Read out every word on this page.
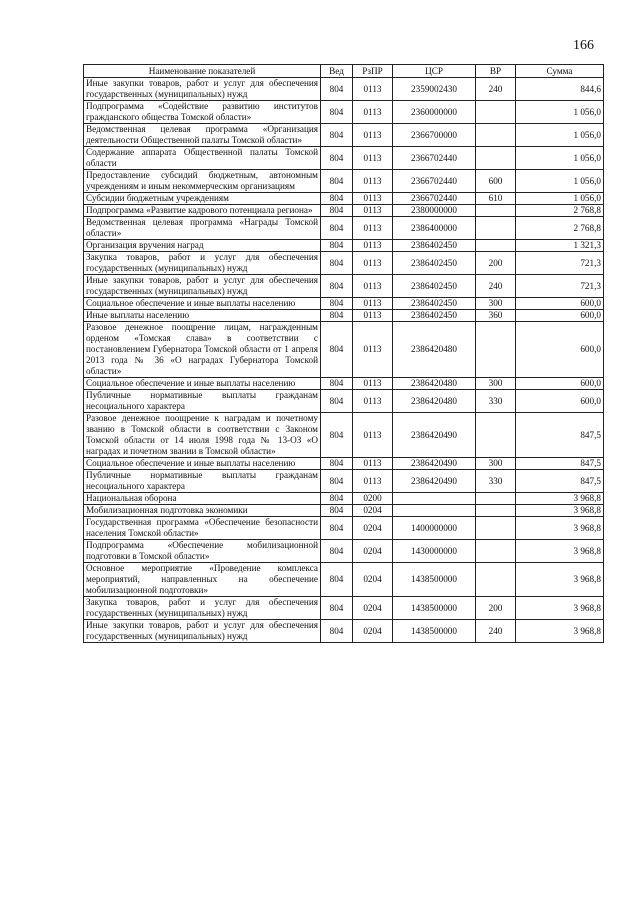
166
Наименование показателей	Вед	РзПР	ЦСР	ВР	Сумма
Иные закупки товаров, работ и услуг для обеспечения государственных (муниципальных) нужд	804	0113	2359002430	240	844,6
Подпрограмма «Содействие развитию институтов гражданского общества Томской области»	804	0113	2360000000		1 056,0
Ведомственная целевая программа «Организация деятельности Общественной палаты Томской области»	804	0113	2366700000		1 056,0
Содержание аппарата Общественной палаты Томской области	804	0113	2366702440		1 056,0
Предоставление субсидий бюджетным, автономным учреждениям и иным некоммерческим организациям	804	0113	2366702440	600	1 056,0
Субсидии бюджетным учреждениям	804	0113	2366702440	610	1 056,0
Подпрограмма «Развитие кадрового потенциала региона»	804	0113	2380000000		2 768,8
Ведомственная целевая программа «Награды Томской области»	804	0113	2386400000		2 768,8
Организация вручения наград	804	0113	2386402450		1 321,3
Закупка товаров, работ и услуг для обеспечения государственных (муниципальных) нужд	804	0113	2386402450	200	721,3
Иные закупки товаров, работ и услуг для обеспечения государственных (муниципальных) нужд	804	0113	2386402450	240	721,3
Социальное обеспечение и иные выплаты населению	804	0113	2386402450	300	600,0
Иные выплаты населению	804	0113	2386402450	360	600,0
Разовое денежное поощрение лицам, награжденным орденом «Томская слава» в соответствии с постановлением Губернатора Томской области от 1 апреля 2013 года № 36 «О наградах Губернатора Томской области»	804	0113	2386420480		600,0
Социальное обеспечение и иные выплаты населению	804	0113	2386420480	300	600,0
Публичные нормативные выплаты гражданам несоциального характера	804	0113	2386420480	330	600,0
Разовое денежное поощрение к наградам и почетному званию в Томской области в соответствии с Законом Томской области от 14 июля 1998 года № 13-ОЗ «О наградах и почетном звании в Томской области»	804	0113	2386420490		847,5
Социальное обеспечение и иные выплаты населению	804	0113	2386420490	300	847,5
Публичные нормативные выплаты гражданам несоциального характера	804	0113	2386420490	330	847,5
Национальная оборона	804	0200			3 968,8
Мобилизационная подготовка экономики	804	0204			3 968,8
Государственная программа «Обеспечение безопасности населения Томской области»	804	0204	1400000000		3 968,8
Подпрограмма «Обеспечение мобилизационной подготовки в Томской области»	804	0204	1430000000		3 968,8
Основное мероприятие «Проведение комплекса мероприятий, направленных на обеспечение мобилизационной подготовки»	804	0204	1438500000		3 968,8
Закупка товаров, работ и услуг для обеспечения государственных (муниципальных) нужд	804	0204	1438500000	200	3 968,8
Иные закупки товаров, работ и услуг для обеспечения государственных (муниципальных) нужд	804	0204	1438500000	240	3 968,8
